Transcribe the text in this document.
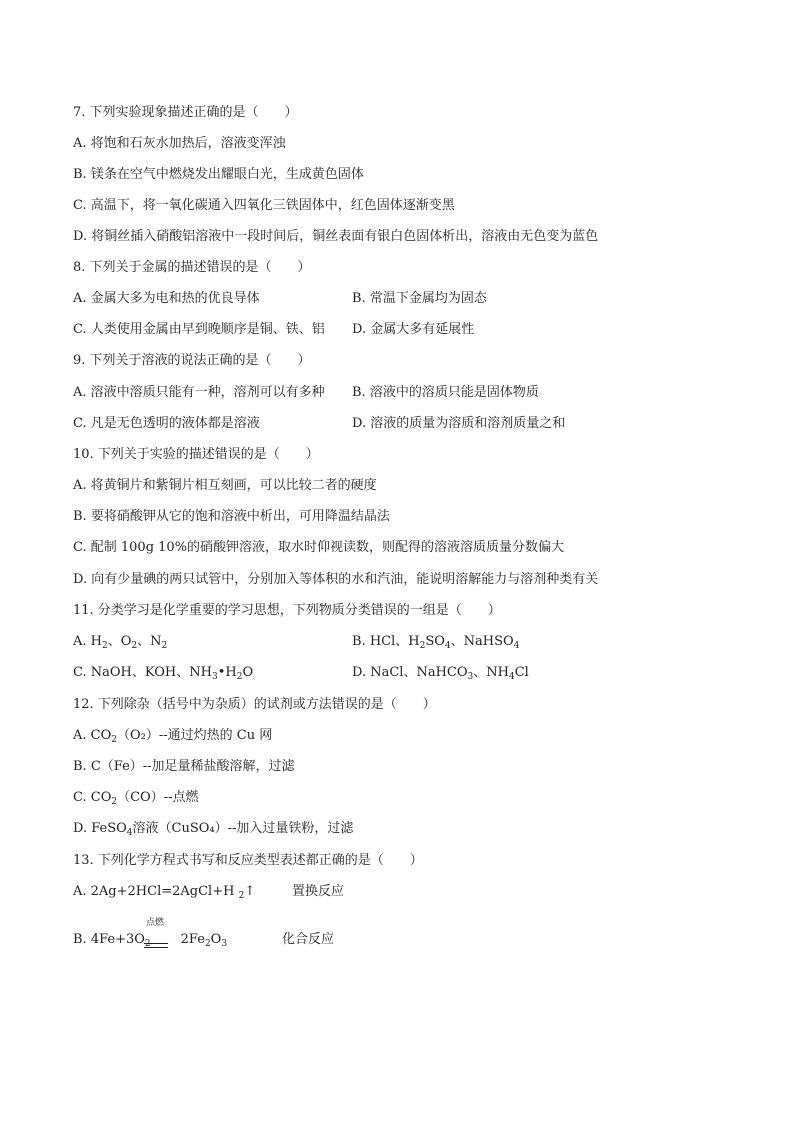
7. 下列实验现象描述正确的是（　　）
A. 将饱和石灰水加热后，溶液变浑浊
B. 镁条在空气中燃烧发出耀眼白光，生成黄色固体
C. 高温下，将一氧化碳通入四氧化三铁固体中，红色固体逐渐变黑
D. 将铜丝插入硝酸铝溶液中一段时间后，铜丝表面有银白色固体析出，溶液由无色变为蓝色
8. 下列关于金属的描述错误的是（　　）
A. 金属大多为电和热的优良导体	B. 常温下金属均为固态
C. 人类使用金属由早到晚顺序是铜、铁、铝 D. 金属大多有延展性
9. 下列关于溶液的说法正确的是（　　）
A. 溶液中溶质只能有一种，溶剂可以有多种 B. 溶液中的溶质只能是固体物质
C. 凡是无色透明的液体都是溶液	D. 溶液的质量为溶质和溶剂质量之和
10. 下列关于实验的描述错误的是（　　）
A. 将黄铜片和紫铜片相互刻画，可以比较二者的硬度
B. 要将硝酸钾从它的饱和溶液中析出，可用降温结晶法
C. 配制 100g 10%的硝酸钾溶液，取水时仰视读数，则配得的溶液溶质质量分数偏大
D. 向有少量碘的两只试管中，分别加入等体积的水和汽油，能说明溶解能力与溶剂种类有关
11. 分类学习是化学重要的学习思想，下列物质分类错误的一组是（　　）
A. $H_2$、$O_2$、$N_2$	B. HCl、$H_2SO_4$、NaHSO$_4$
C. NaOH、KOH、$NH_3•H_2O$	D. NaCl、NaHCO$_3$、$NH_4Cl$
12. 下列除杂（括号中为杂质）的试剂或方法错误的是（　　）
A. $CO_2(O_2)--$通过灼热的 Cu 网
B. C（Fe）--加足量稀盐酸溶解，过滤
C. $CO_2(CO)--$点燃
D. FeSO$_4$溶液（CuSO₄）--加入过量铁粉，过滤
13. 下列化学方程式书写和反应类型表述都正确的是（　　）
A. 2Ag+2HCl=2AgCl+H $_2$↑	置换反应
点燃
B. $4Fe+3O_2$ $2Fe_2O_3$	化合反应
